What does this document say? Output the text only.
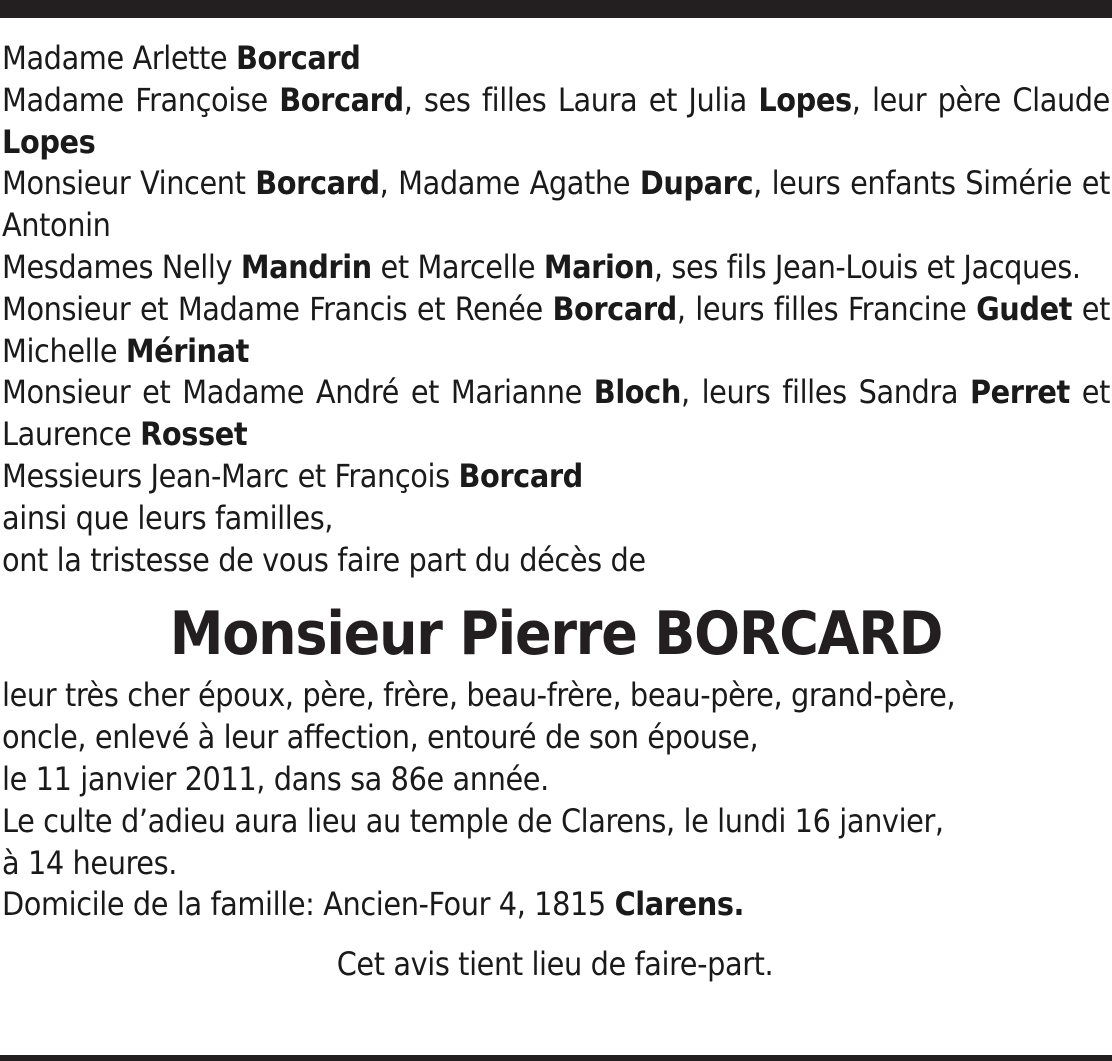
Madame Arlette Borcard
Madame Françoise Borcard, ses filles Laura et Julia Lopes, leur père Claude Lopes
Monsieur Vincent Borcard, Madame Agathe Duparc, leurs enfants Simérie et Antonin
Mesdames Nelly Mandrin et Marcelle Marion, ses fils Jean-Louis et Jacques.
Monsieur et Madame Francis et Renée Borcard, leurs filles Francine Gudet et Michelle Mérinat
Monsieur et Madame André et Marianne Bloch, leurs filles Sandra Perret et Laurence Rosset
Messieurs Jean-Marc et François Borcard
ainsi que leurs familles,
ont la tristesse de vous faire part du décès de
Monsieur Pierre BORCARD
leur très cher époux, père, frère, beau-frère, beau-père, grand-père,
oncle, enlevé à leur affection, entouré de son épouse,
le 11 janvier 2011, dans sa 86e année.
Le culte d’adieu aura lieu au temple de Clarens, le lundi 16 janvier,
à 14 heures.
Domicile de la famille: Ancien-Four 4, 1815 Clarens.
Cet avis tient lieu de faire-part.
